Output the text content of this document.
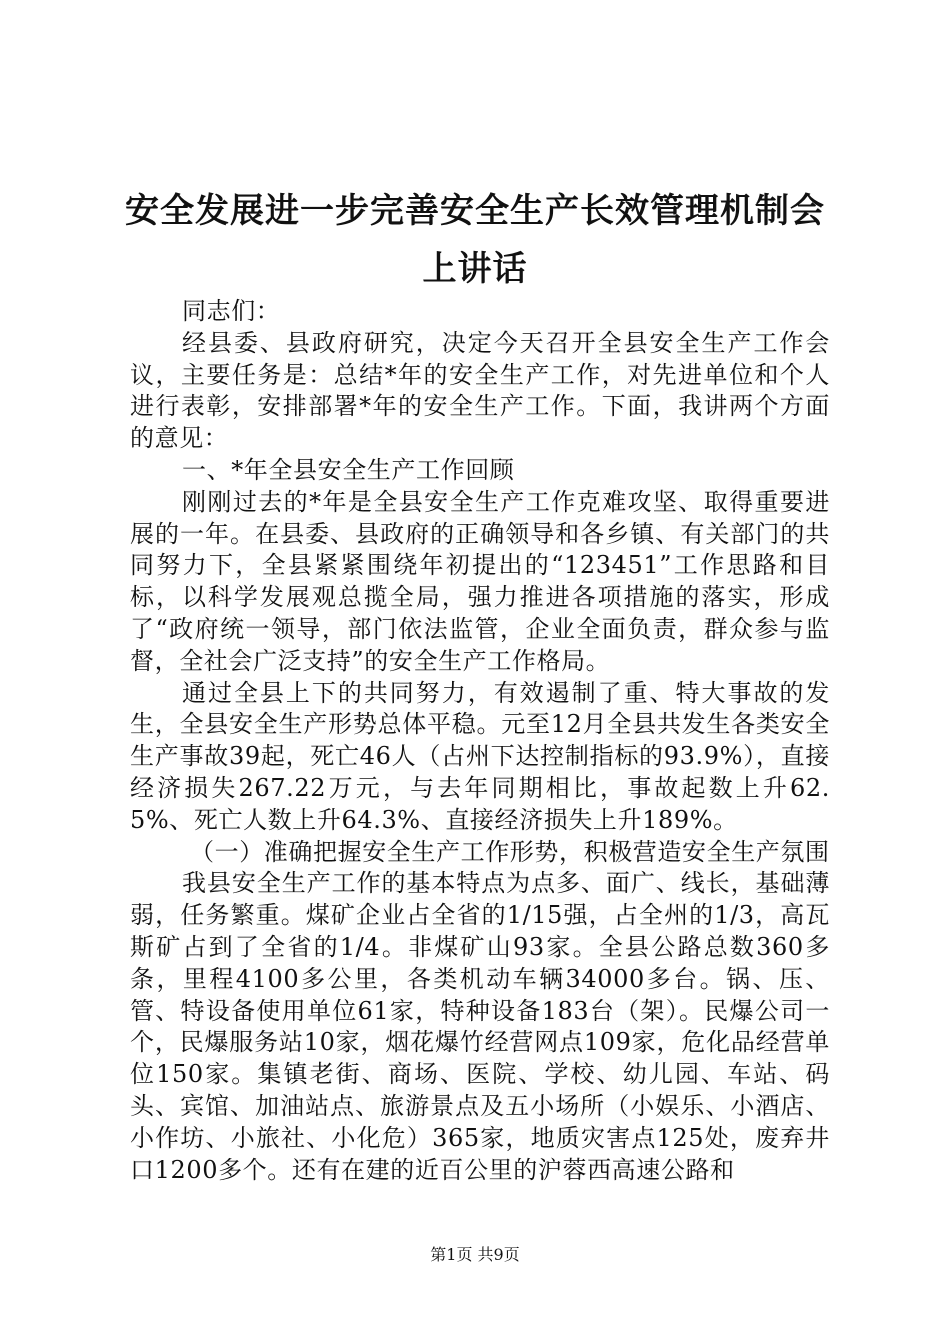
安全发展进一步完善安全生产长效管理机制会
上讲话

同志们：

经县委、县政府研究，决定今天召开全县安全生产工作会议，主要任务是：总结*年的安全生产工作，对先进单位和个人进行表彰，安排部署*年的安全生产工作。下面，我讲两个方面的意见：

一、*年全县安全生产工作回顾

刚刚过去的*年是全县安全生产工作克难攻坚、取得重要进展的一年。在县委、县政府的正确领导和各乡镇、有关部门的共同努力下，全县紧紧围绕年初提出的“123451”工作思路和目标，以科学发展观总揽全局，强力推进各项措施的落实，形成了“政府统一领导，部门依法监管，企业全面负责，群众参与监督，全社会广泛支持”的安全生产工作格局。

通过全县上下的共同努力，有效遏制了重、特大事故的发生，全县安全生产形势总体平稳。元至12月全县共发生各类安全生产事故39起，死亡46人（占州下达控制指标的93.9%），直接经济损失267.22万元，与去年同期相比，事故起数上升62.5%、死亡人数上升64.3%、直接经济损失上升189%。

（一）准确把握安全生产工作形势，积极营造安全生产氛围

我县安全生产工作的基本特点为点多、面广、线长，基础薄弱，任务繁重。煤矿企业占全省的1/15强，占全州的1/3，高瓦斯矿占到了全省的1/4。非煤矿山93家。全县公路总数360多条，里程4100多公里，各类机动车辆34000多台。锅、压、管、特设备使用单位61家，特种设备183台（架）。民爆公司一个，民爆服务站10家，烟花爆竹经营网点109家，危化品经营单位150家。集镇老街、商场、医院、学校、幼儿园、车站、码头、宾馆、加油站点、旅游景点及五小场所（小娱乐、小酒店、小作坊、小旅社、小化危）365家，地质灾害点125处，废弃井口1200多个。还有在建的近百公里的沪蓉西高速公路和

第1页 共9页
